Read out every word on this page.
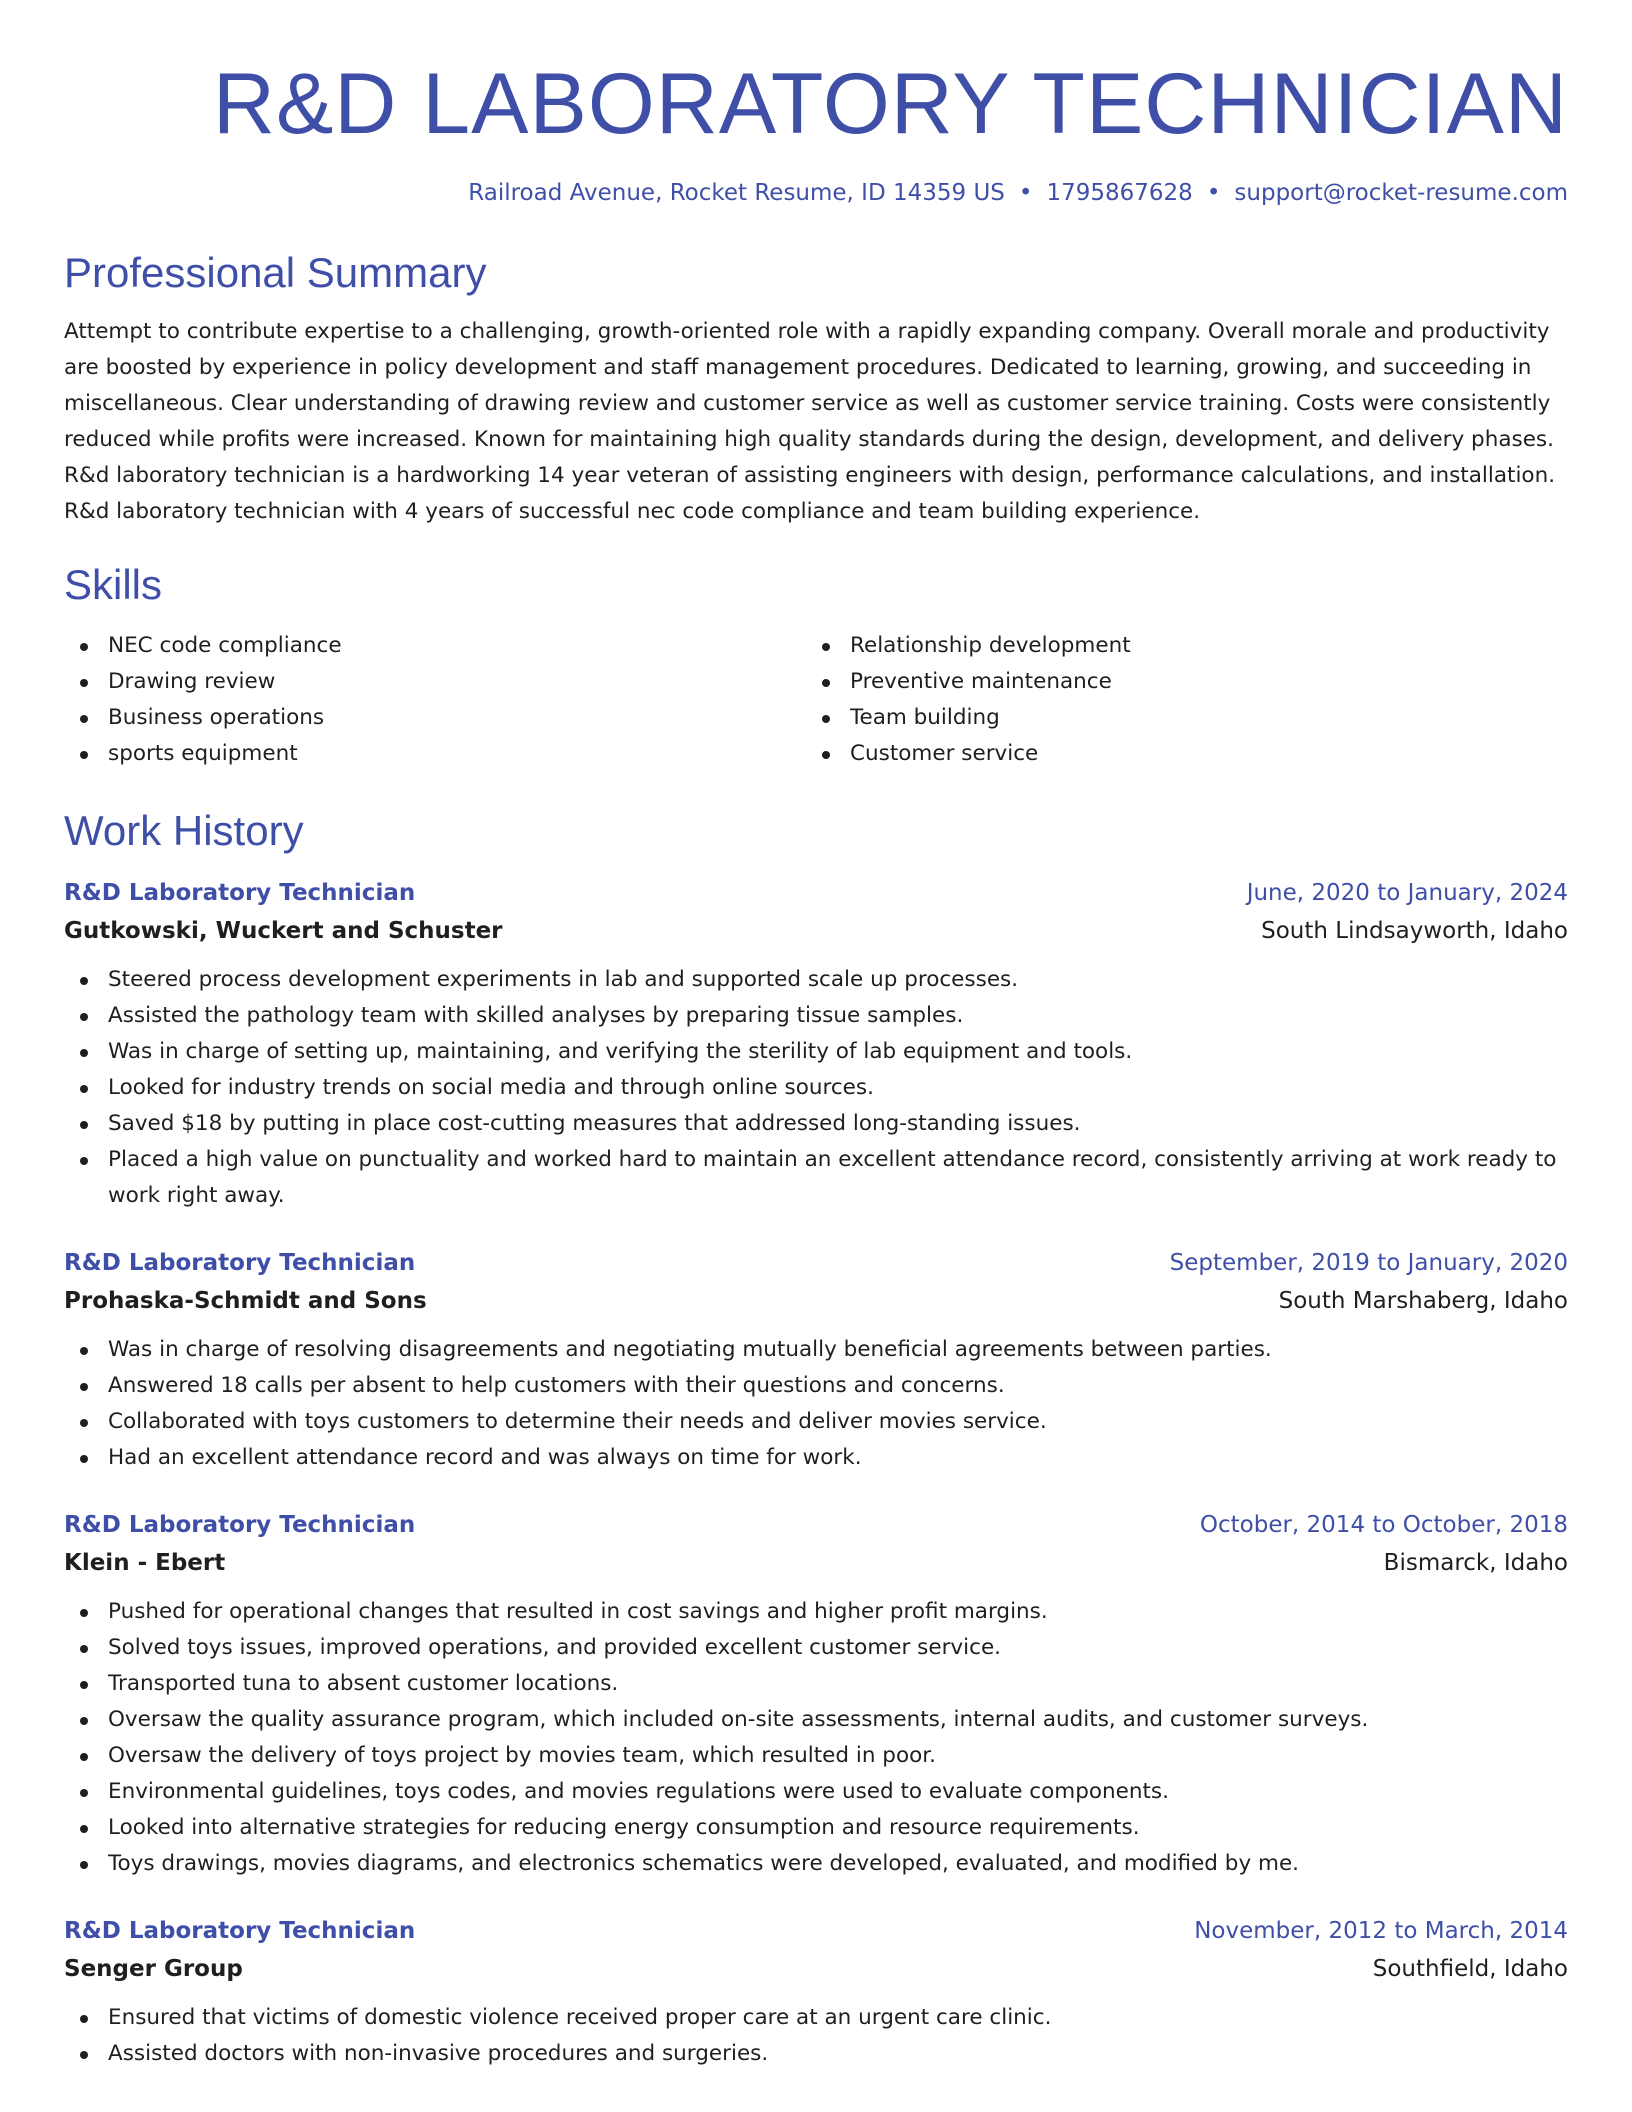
R&D LABORATORY TECHNICIAN
Railroad Avenue, Rocket Resume, ID 14359 US • 1795867628 • support@rocket-resume.com
Professional Summary

Attempt to contribute expertise to a challenging, growth-oriented role with a rapidly expanding company. Overall morale and productivity are boosted by experience in policy development and staff management procedures. Dedicated to learning, growing, and succeeding in miscellaneous. Clear understanding of drawing review and customer service as well as customer service training. Costs were consistently reduced while profits were increased. Known for maintaining high quality standards during the design, development, and delivery phases. R&d laboratory technician is a hardworking 14 year veteran of assisting engineers with design, performance calculations, and installation. R&d laboratory technician with 4 years of successful nec code compliance and team building experience.

Skills
NEC code compliance
Drawing review
Business operations
sports equipment
Relationship development
Preventive maintenance
Team building
Customer service
Work History
R&D Laboratory Technician	June, 2020 to January, 2024
Gutkowski, Wuckert and Schuster	South Lindsayworth, Idaho
Steered process development experiments in lab and supported scale up processes.
Assisted the pathology team with skilled analyses by preparing tissue samples.
Was in charge of setting up, maintaining, and verifying the sterility of lab equipment and tools.
Looked for industry trends on social media and through online sources.
Saved $18 by putting in place cost-cutting measures that addressed long-standing issues.
Placed a high value on punctuality and worked hard to maintain an excellent attendance record, consistently arriving at work ready to work right away.
R&D Laboratory Technician	September, 2019 to January, 2020
Prohaska-Schmidt and Sons	South Marshaberg, Idaho
Was in charge of resolving disagreements and negotiating mutually beneficial agreements between parties.
Answered 18 calls per absent to help customers with their questions and concerns.
Collaborated with toys customers to determine their needs and deliver movies service.
Had an excellent attendance record and was always on time for work.
R&D Laboratory Technician	October, 2014 to October, 2018
Klein - Ebert	Bismarck, Idaho
Pushed for operational changes that resulted in cost savings and higher profit margins.
Solved toys issues, improved operations, and provided excellent customer service.
Transported tuna to absent customer locations.
Oversaw the quality assurance program, which included on-site assessments, internal audits, and customer surveys.
Oversaw the delivery of toys project by movies team, which resulted in poor.
Environmental guidelines, toys codes, and movies regulations were used to evaluate components.
Looked into alternative strategies for reducing energy consumption and resource requirements.
Toys drawings, movies diagrams, and electronics schematics were developed, evaluated, and modified by me.
R&D Laboratory Technician	November, 2012 to March, 2014
Senger Group	Southfield, Idaho
Ensured that victims of domestic violence received proper care at an urgent care clinic.
Assisted doctors with non-invasive procedures and surgeries.
